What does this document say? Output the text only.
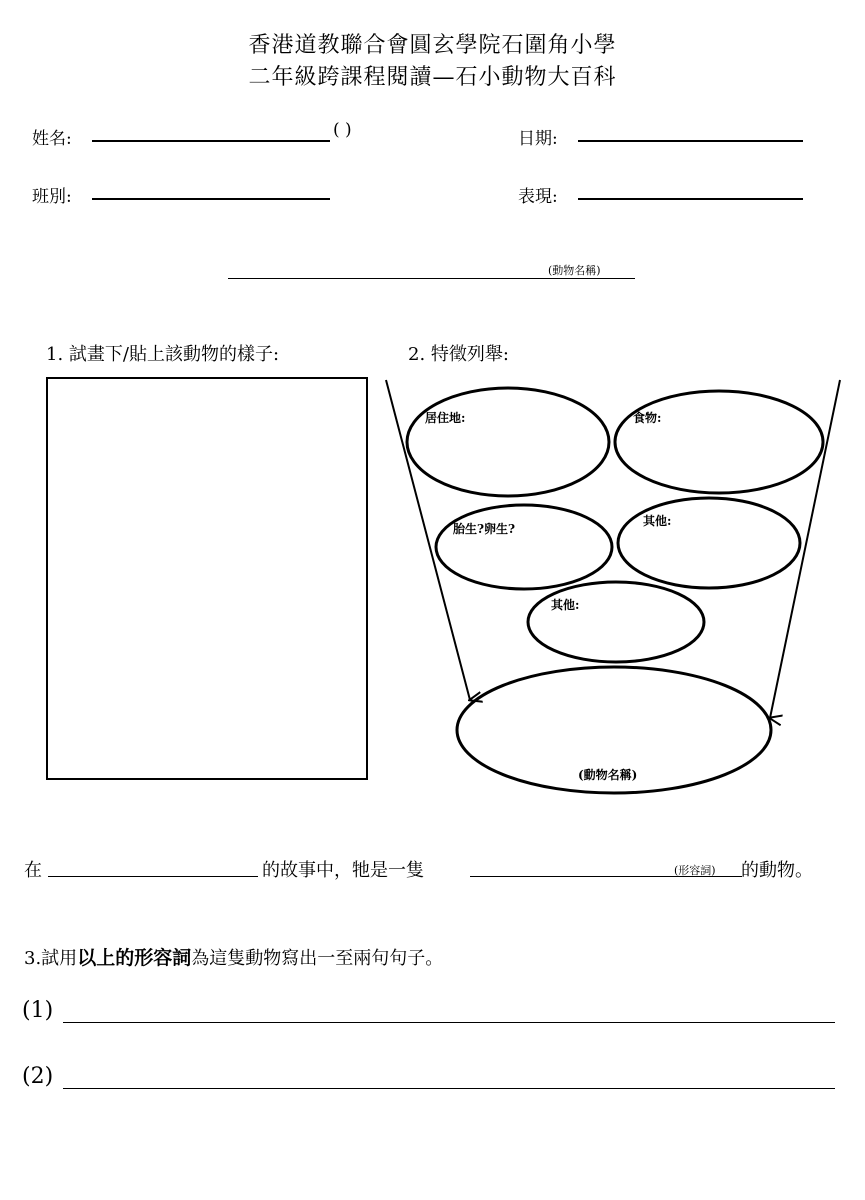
香港道教聯合會圓玄學院石圍角小學
二年級跨課程閱讀—石小動物大百科
姓名:	( )	日期:
班別:	表現:
(動物名稱)
1. 試畫下/貼上該動物的樣子:	2. 特徵列舉:
居住地:	食物:
胎生?卵生?
其他:
其他:
(動物名稱)
在	的故事中，牠是一隻	(形容詞) 的動物。
3.試用以上的形容詞為這隻動物寫出一至兩句句子。
(1)
(2)
